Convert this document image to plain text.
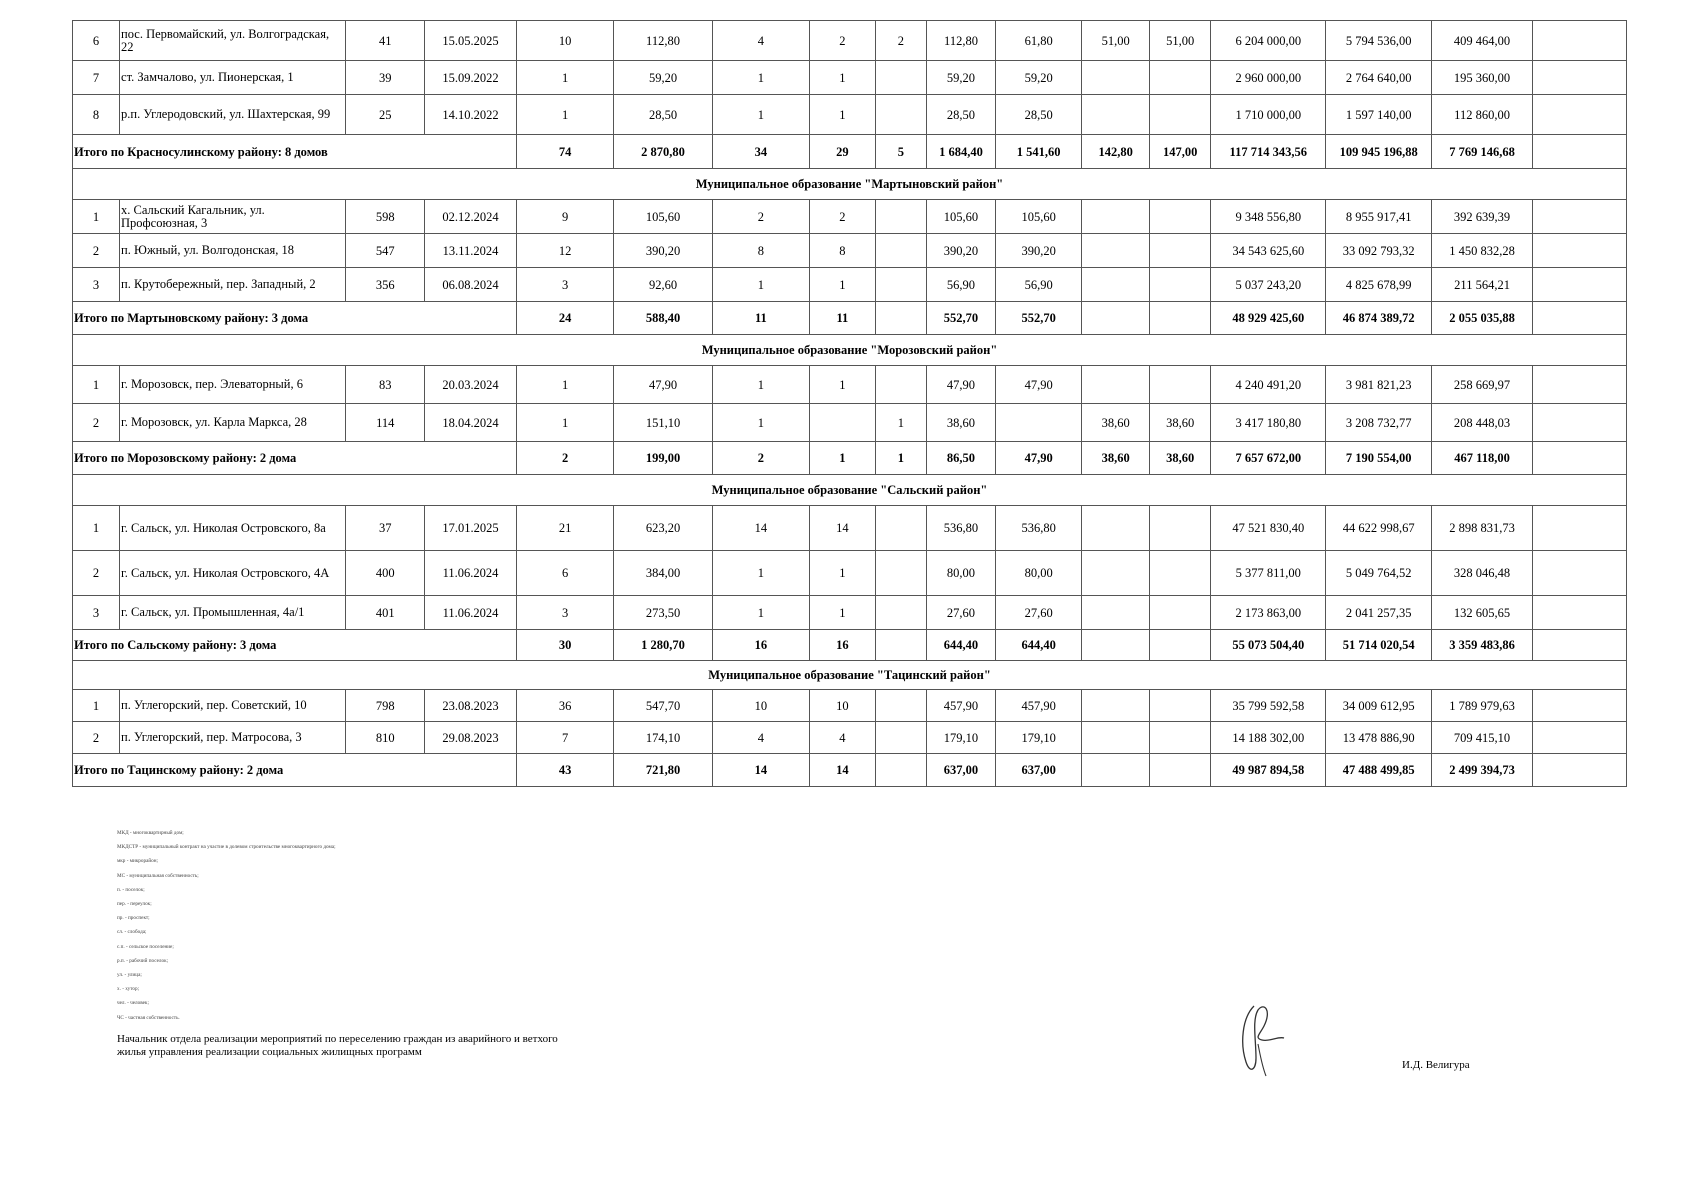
6	пос. Первомайский, ул. Волгоградская, 22	41	15.05.2025	10	112,80	4	2	2	112,80	61,80	51,00	51,00	6 204 000,00	5 794 536,00	409 464,00	
7	ст. Замчалово, ул. Пионерская, 1	39	15.09.2022	1	59,20	1	1		59,20	59,20			2 960 000,00	2 764 640,00	195 360,00	
8	р.п. Углеродовский, ул. Шахтерская, 99	25	14.10.2022	1	28,50	1	1		28,50	28,50			1 710 000,00	1 597 140,00	112 860,00	
Итого по Красносулинскому району: 8 домов				74	2 870,80	34	29	5	1 684,40	1 541,60	142,80	147,00	117 714 343,56	109 945 196,88	7 769 146,68	
Муниципальное образование "Мартыновский район"																
1	х. Сальский Кагальник, ул. Профсоюзная, 3	598	02.12.2024	9	105,60	2	2		105,60	105,60			9 348 556,80	8 955 917,41	392 639,39	
2	п. Южный, ул. Волгодонская, 18	547	13.11.2024	12	390,20	8	8		390,20	390,20			34 543 625,60	33 092 793,32	1 450 832,28	
3	п. Крутобережный, пер. Западный, 2	356	06.08.2024	3	92,60	1	1		56,90	56,90			5 037 243,20	4 825 678,99	211 564,21	
Итого по Мартыновскому району: 3 дома				24	588,40	11	11		552,70	552,70			48 929 425,60	46 874 389,72	2 055 035,88	
Муниципальное образование "Морозовский район"																
1	г. Морозовск, пер. Элеваторный, 6	83	20.03.2024	1	47,90	1	1		47,90	47,90			4 240 491,20	3 981 821,23	258 669,97	
2	г. Морозовск, ул. Карла Маркса, 28	114	18.04.2024	1	151,10	1		1	38,60		38,60	38,60	3 417 180,80	3 208 732,77	208 448,03	
Итого по Морозовскому району: 2 дома				2	199,00	2	1	1	86,50	47,90	38,60	38,60	7 657 672,00	7 190 554,00	467 118,00	
Муниципальное образование "Сальский район"																
1	г. Сальск, ул. Николая Островского, 8а	37	17.01.2025	21	623,20	14	14		536,80	536,80			47 521 830,40	44 622 998,67	2 898 831,73	
2	г. Сальск, ул. Николая Островского, 4А	400	11.06.2024	6	384,00	1	1		80,00	80,00			5 377 811,00	5 049 764,52	328 046,48	
3	г. Сальск, ул. Промышленная, 4а/1	401	11.06.2024	3	273,50	1	1		27,60	27,60			2 173 863,00	2 041 257,35	132 605,65	
Итого по Сальскому району: 3 дома				30	1 280,70	16	16		644,40	644,40			55 073 504,40	51 714 020,54	3 359 483,86	
Муниципальное образование "Тацинский район"																
1	п. Углегорский, пер. Советский, 10	798	23.08.2023	36	547,70	10	10		457,90	457,90			35 799 592,58	34 009 612,95	1 789 979,63	
2	п. Углегорский, пер. Матросова, 3	810	29.08.2023	7	174,10	4	4		179,10	179,10			14 188 302,00	13 478 886,90	709 415,10	
Итого по Тацинскому району: 2 дома				43	721,80	14	14		637,00	637,00			49 987 894,58	47 488 499,85	2 499 394,73	
МКД - многоквартирный дом;
МКДСТР - муниципальный контракт на участие в долевом строительстве многоквартирного дома;
мкр - микрорайон;
МС - муниципальная собственность;
п. - поселок;
пер. - переулок;
пр. - проспект;
сл. - слобода;
с.п. - сельское поселение;
р.п. - рабочий поселок;
ул. - улица;
х. - хутор;
чел. - человек;
ЧС - частная собственность.
Начальник отдела реализации мероприятий по переселению граждан из аварийного и ветхого жилья управления реализации социальных жилищных программ
И.Д. Велигура
